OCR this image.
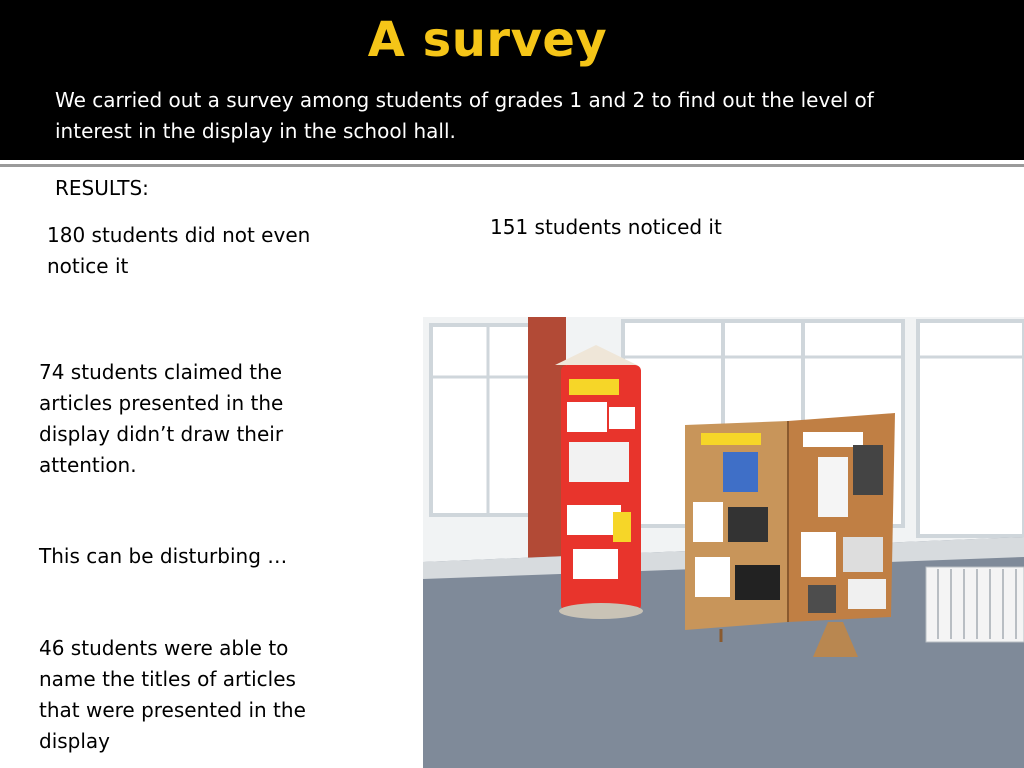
A survey
We carried out a survey among students of grades 1 and 2 to find out the level of interest in the display in the school hall.
RESULTS:
151 students noticed it
180 students did not even notice it
74 students claimed the articles presented in the display didn’t draw their attention.
This can be disturbing …
46 students were able to name the titles of articles that were presented in the display
